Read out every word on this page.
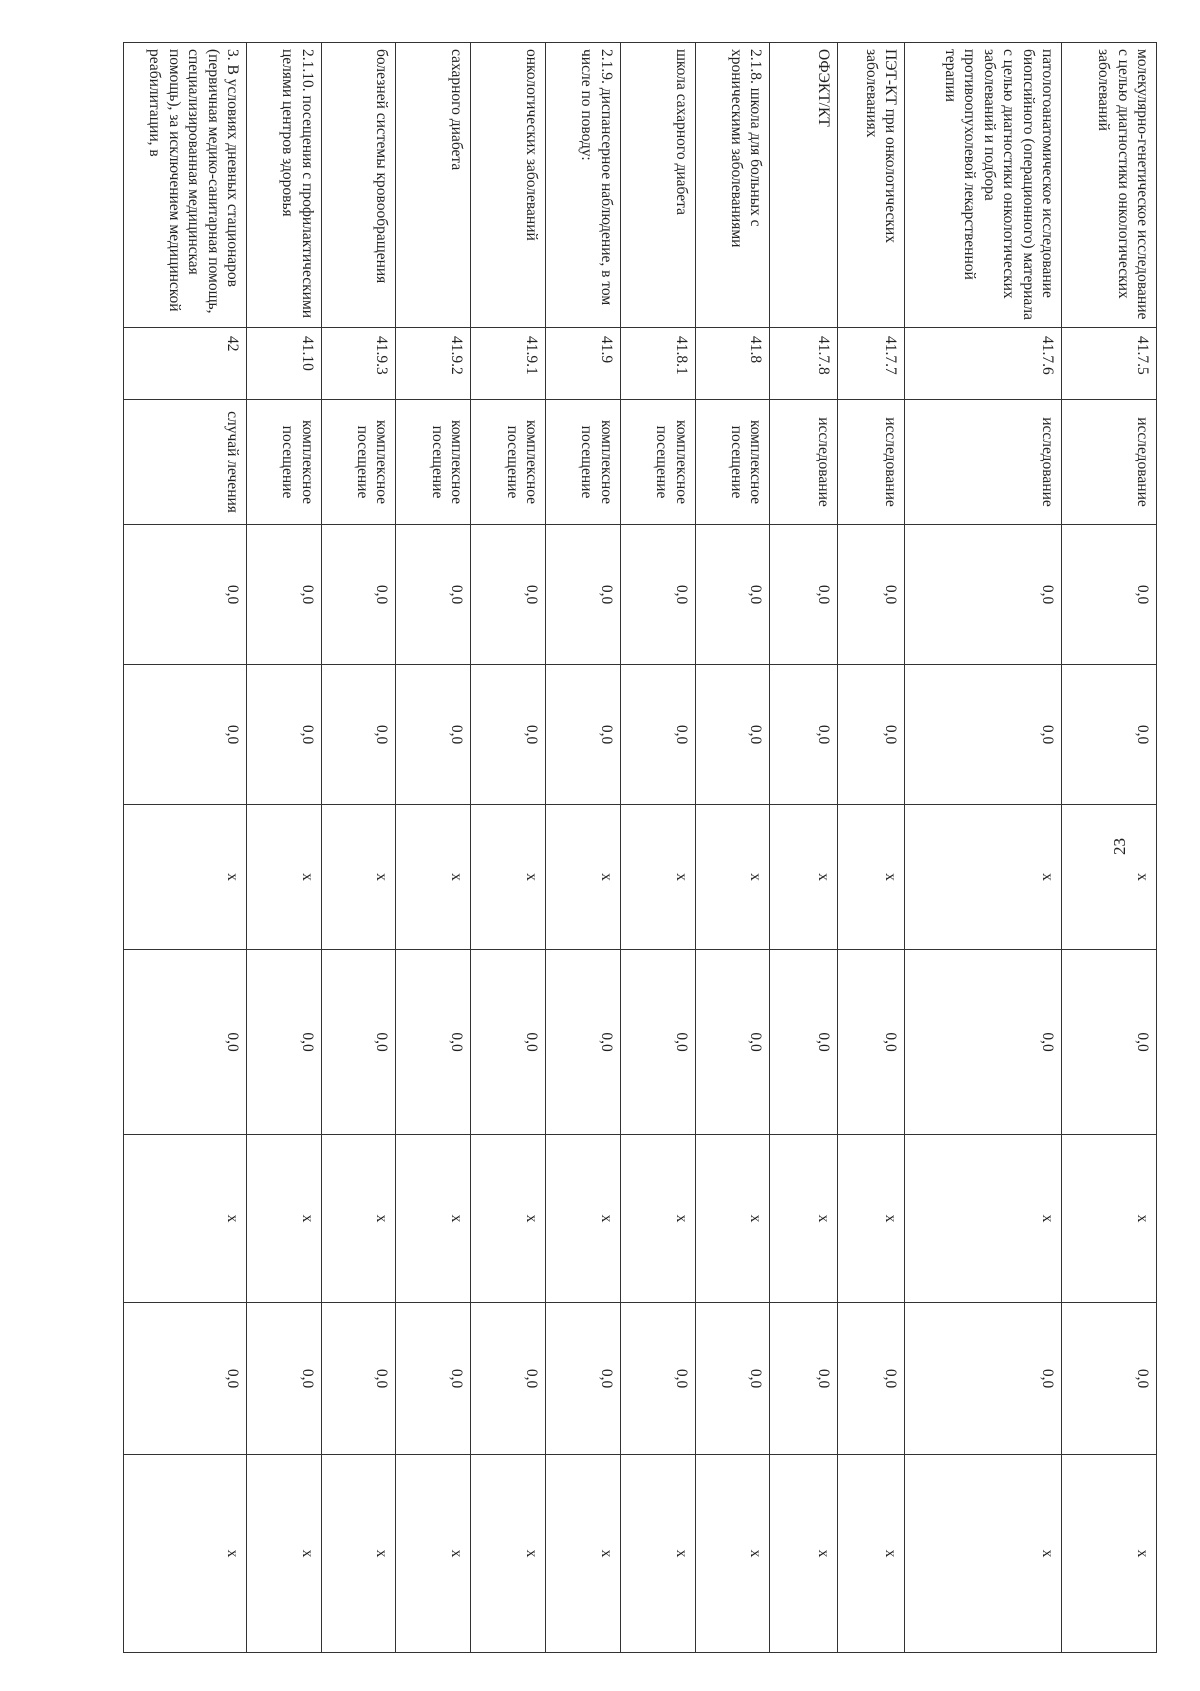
23
молекулярно-генетическое исследование с целью диагностики онкологических заболеваний	41.7.5	исследование	0,0	0,0	х	0,0	х	0,0	х
патологоанатомическое исследование биопсийного (операционного) материала с целью диагностики онкологических заболеваний и подбора противоопухолевой лекарственной терапии	41.7.6	исследование	0,0	0,0	х	0,0	х	0,0	х
ПЭТ-КТ при онкологических заболеваниях	41.7.7	исследование	0,0	0,0	х	0,0	х	0,0	х
ОФЭКТ/КТ	41.7.8	исследование	0,0	0,0	х	0,0	х	0,0	х
2.1.8. школа для больных с хроническими заболеваниями	41.8	комплексное посещение	0,0	0,0	х	0,0	х	0,0	х
школа сахарного диабета	41.8.1	комплексное посещение	0,0	0,0	х	0,0	х	0,0	х
2.1.9. диспансерное наблюдение, в том числе по поводу:	41.9	комплексное посещение	0,0	0,0	х	0,0	х	0,0	х
онкологических заболеваний	41.9.1	комплексное посещение	0,0	0,0	х	0,0	х	0,0	х
сахарного диабета	41.9.2	комплексное посещение	0,0	0,0	х	0,0	х	0,0	х
болезней системы кровообращения	41.9.3	комплексное посещение	0,0	0,0	х	0,0	х	0,0	х
2.1.10. посещения с профилактическими целями центров здоровья	41.10	комплексное посещение	0,0	0,0	х	0,0	х	0,0	х
3. В условиях дневных стационаров (первичная медико-санитарная помощь, специализированная медицинская помощь), за исключением медицинской реабилитации, в	42	случай лечения	0,0	0,0	х	0,0	х	0,0	х
